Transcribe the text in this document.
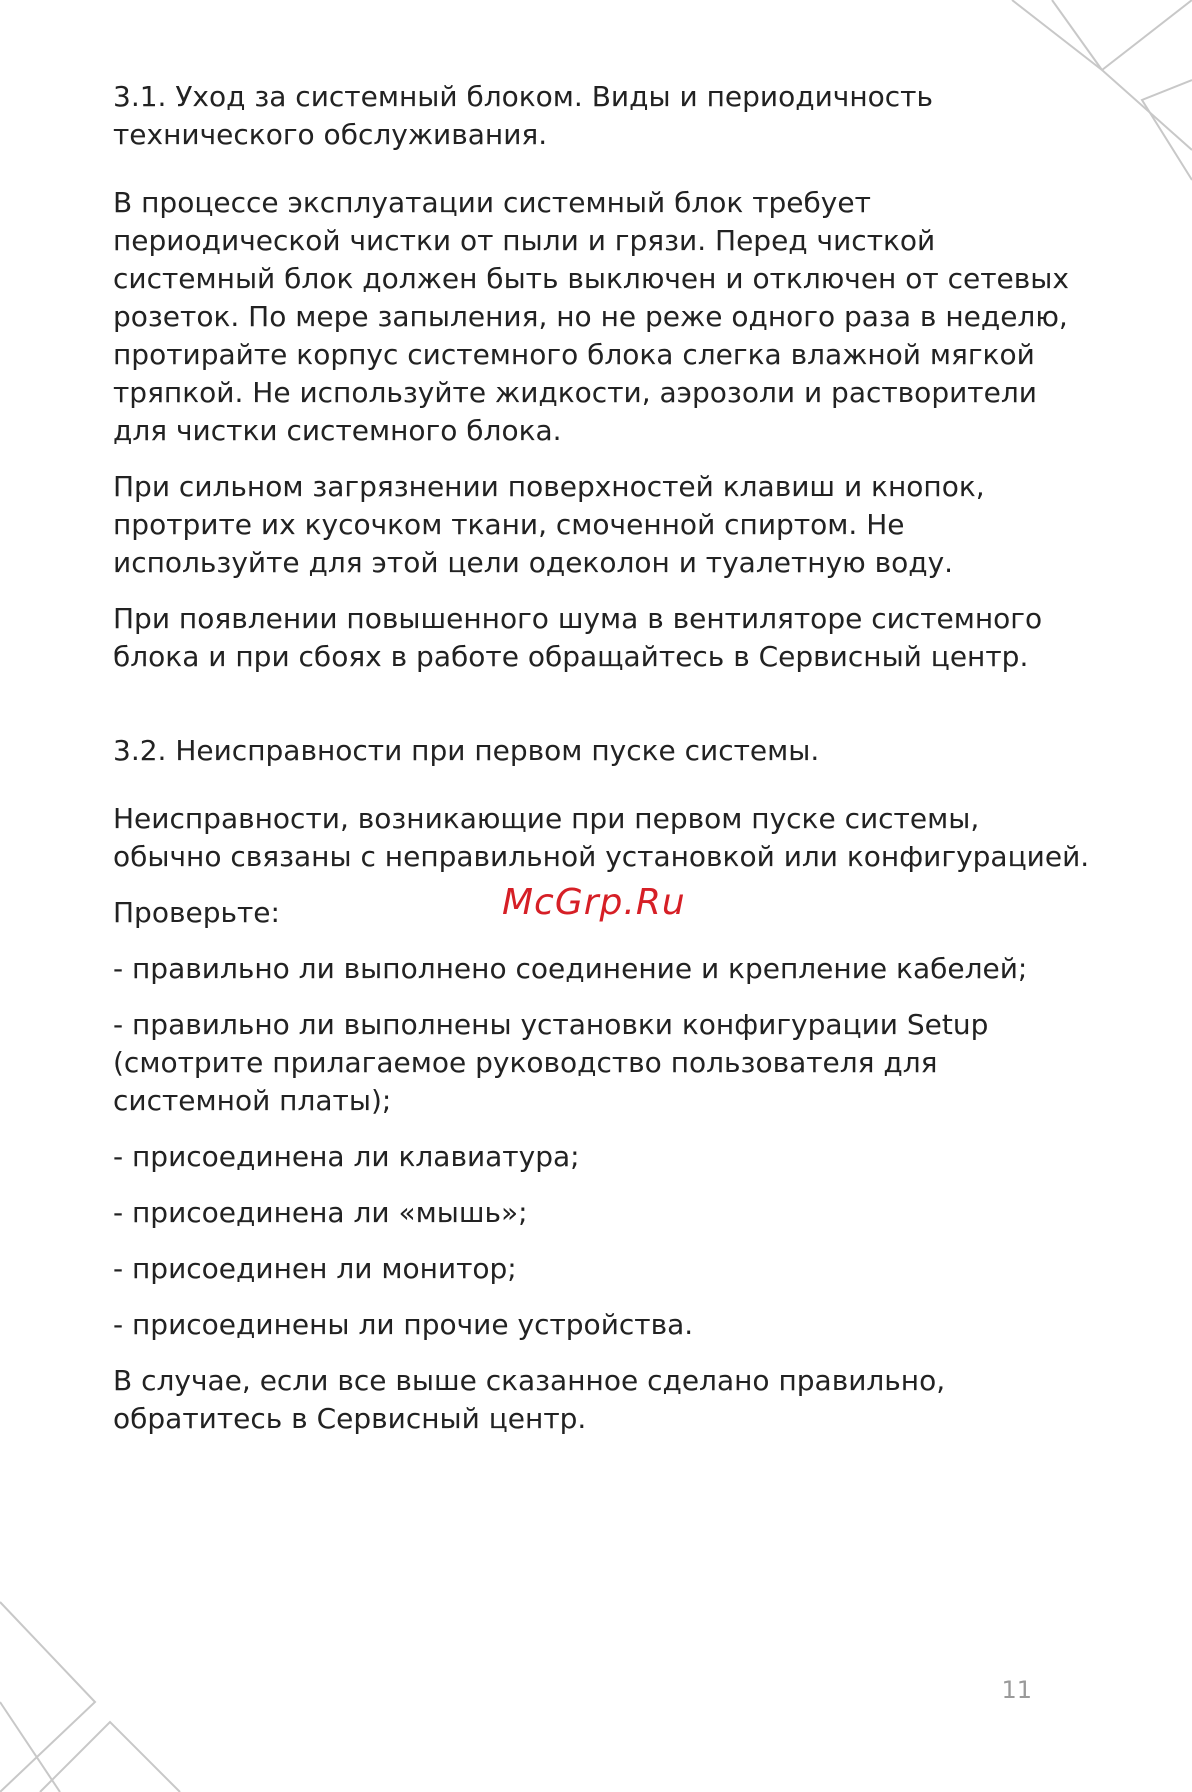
3.1. Уход за системный блоком. Виды и периодичность технического обслуживания.

В процессе эксплуатации системный блок требует периодической чистки от пыли и грязи. Перед чисткой системный блок должен быть выключен и отключен от сетевых розеток. По мере запыления, но не реже одного раза в неделю, протирайте корпус системного блока слегка влажной мягкой тряпкой. Не используйте жидкости, аэрозоли и растворители для чистки системного блока.

При сильном загрязнении поверхностей клавиш и кнопок, протрите их кусочком ткани, смоченной спиртом. Не используйте для этой цели одеколон и туалетную воду.

При появлении повышенного шума в вентиляторе системного блока и при сбоях в работе обращайтесь в Сервисный центр.

3.2. Неисправности при первом пуске системы.

Неисправности, возникающие при первом пуске системы, обычно связаны с неправильной установкой или конфигурацией.

Проверьте:	McGrp.Ru

- правильно ли выполнено соединение и крепление кабелей;

- правильно ли выполнены установки конфигурации Setup (смотрите прилагаемое руководство пользователя для системной платы);

- присоединена ли клавиатура;

- присоединена ли «мышь»;

- присоединен ли монитор;

- присоединены ли прочие устройства.

В случае, если все выше сказанное сделано правильно, обратитесь в Сервисный центр.

11
